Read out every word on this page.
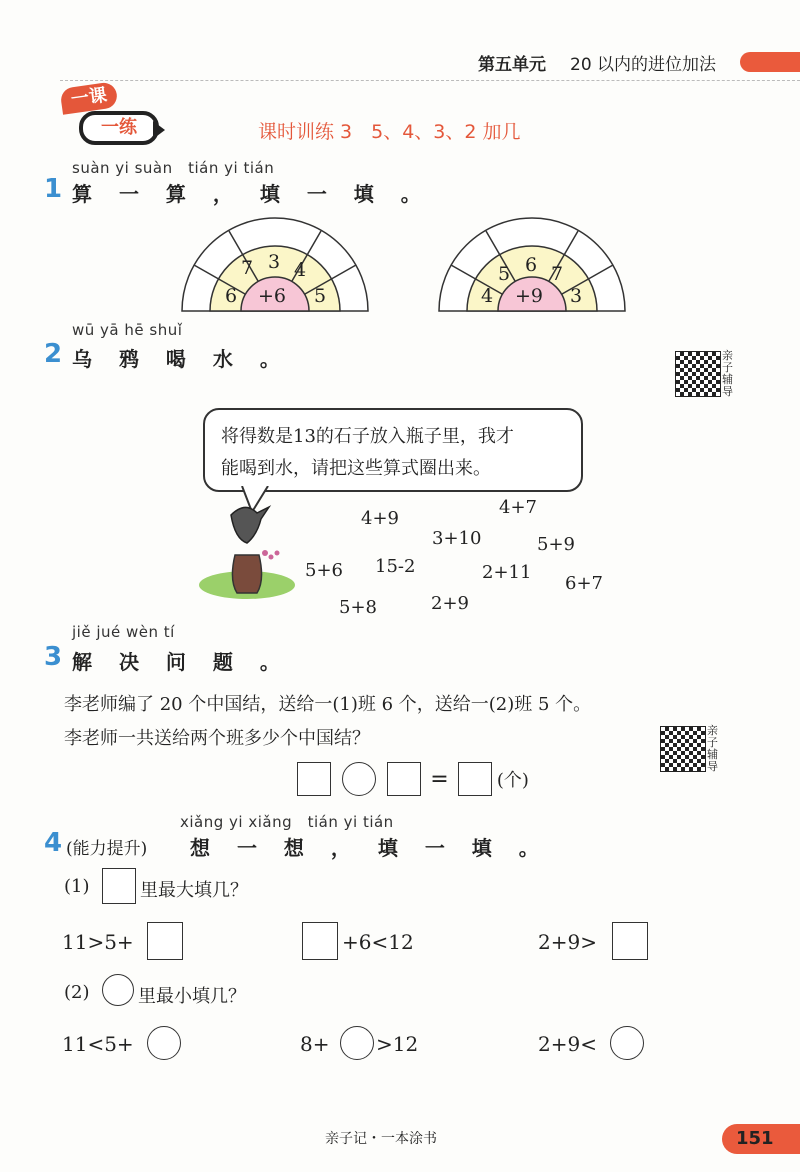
第五单元 20 以内的进位加法
一课
一练	课时训练 3　5、4、3、2 加几
suàn yi suàn　tián yi tián
1 算 一 算 ， 填 一 填 。
+6
6
7 3 4
5	+9
4
5 6 7
3
wū yā hē shuǐ
2 乌 鸦 喝 水 。	亲子辅导
将得数是13的石子放入瓶子里，我才
能喝到水，请把这些算式圈出来。
4+9
4+7
3+10	5+9
5+6 15-2	2+11
6+7
5+8	2+9
jiě jué wèn tí
3 解 决 问 题 。
李老师编了 20 个中国结，送给一(1)班 6 个，送给一(2)班 5 个。
李老师一共送给两个班多少个中国结？	亲子辅导
=	(个)
xiǎng yi xiǎng　tián yi tián
4 (能力提升) 想 一 想 ， 填 一 填 。
(1)	里最大填几？
11>5+	+6<12	2+9>
(2)	里最小填几？
11<5+	8+ >12	2+9<
亲子记・一本涂书	151
